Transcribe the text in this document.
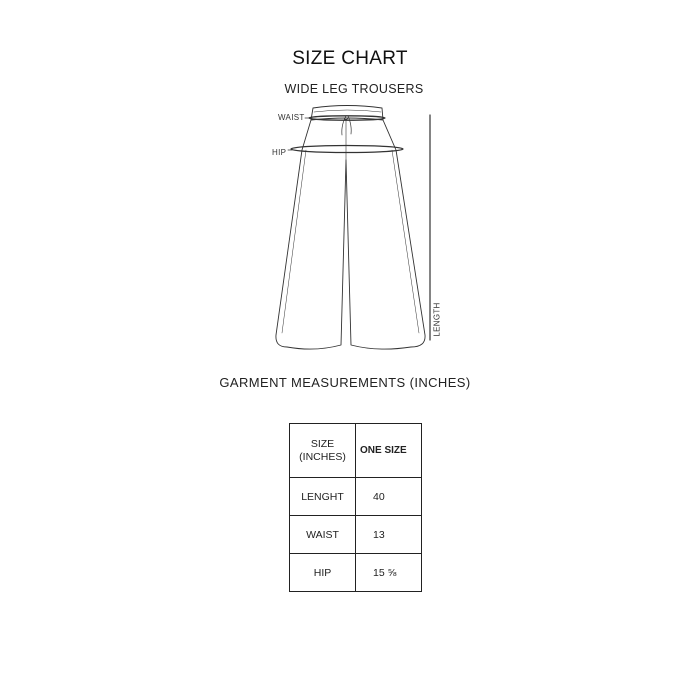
SIZE CHART
WIDE LEG TROUSERS
WAIST
HIP
LENGTH
GARMENT MEASUREMENTS (INCHES)
SIZE
(INCHES)	ONE SIZE
LENGHT	40
WAIST	13
HIP	15 ⅝
